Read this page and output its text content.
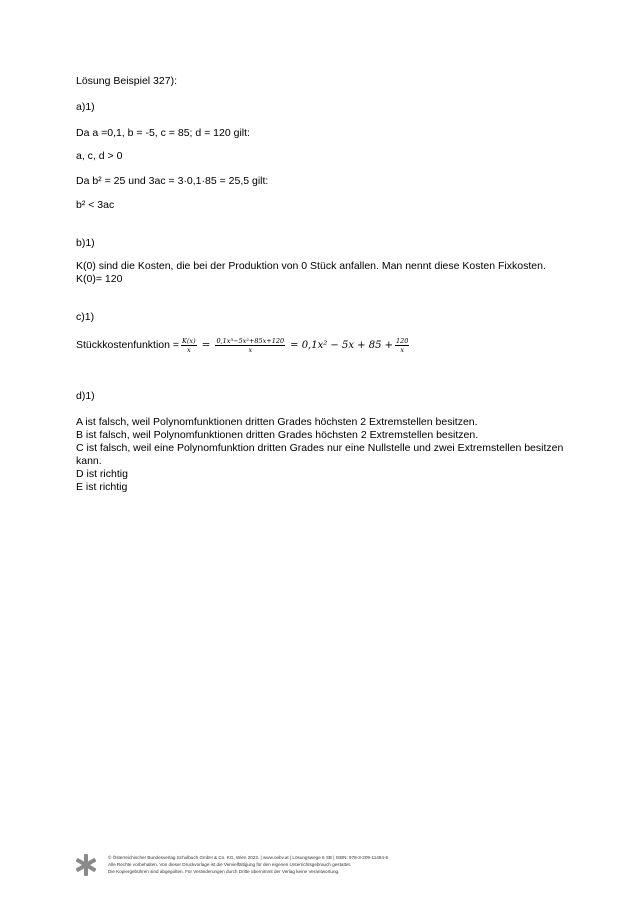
Lösung Beispiel 327):
a)1)
Da a =0,1, b = -5, c = 85; d = 120 gilt:
a, c, d > 0
Da b² = 25 und 3ac = 3·0,1·85 = 25,5 gilt:
b² < 3ac
b)1)
K(0) sind die Kosten, die bei der Produktion von 0 Stück anfallen. Man nennt diese Kosten Fixkosten.
K(0)= 120
c)1)
Stückkostenfunktion = $\frac{K(x)}{x} = \frac{\text{0,1x³−5x²+85x+120}}{x} = 0,1x^2 - 5x + 85 + \frac{120}{x}$
d)1)
A ist falsch, weil Polynomfunktionen dritten Grades höchsten 2 Extremstellen besitzen.
B ist falsch, weil Polynomfunktionen dritten Grades höchsten 2 Extremstellen besitzen.
C ist falsch, weil eine Polynomfunktion dritten Grades nur eine Nullstelle und zwei Extremstellen besitzen kann.
D ist richtig
E ist richtig
© Österreichischer Bundesverlag Schulbuch GmbH & Co. KG, Wien 2023. | www.oebv.at | Lösungswege 6 SB | ISBN: 978-3-209-11494-5
Alle Rechte vorbehalten. Von dieser Druckvorlage ist die Vervielfältigung für den eigenen Unterrichtsgebrauch gestattet.
Die Kopiergebühren sind abgegolten. Für Veränderungen durch Dritte übernimmt der Verlag keine Verantwortung.
